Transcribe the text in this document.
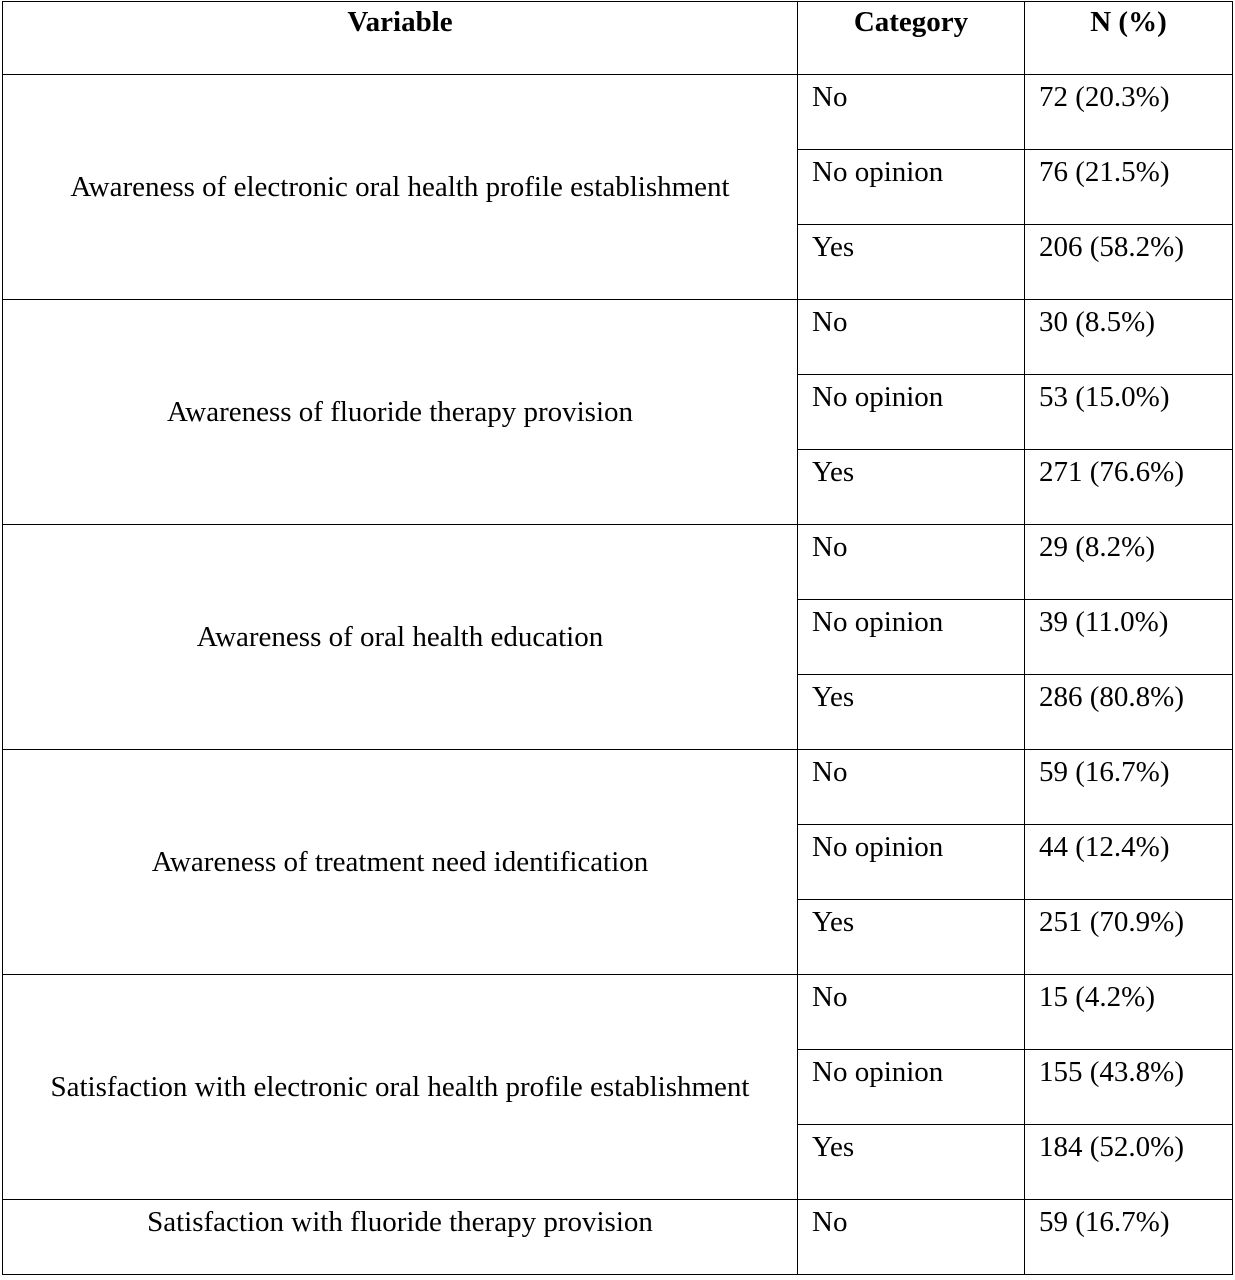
Variable	Category	N (%)
Awareness of electronic oral health profile establishment	No	72 (20.3%)
	No opinion	76 (21.5%)
	Yes	206 (58.2%)
Awareness of fluoride therapy provision	No	30 (8.5%)
	No opinion	53 (15.0%)
	Yes	271 (76.6%)
Awareness of oral health education	No	29 (8.2%)
	No opinion	39 (11.0%)
	Yes	286 (80.8%)
Awareness of treatment need identification	No	59 (16.7%)
	No opinion	44 (12.4%)
	Yes	251 (70.9%)
Satisfaction with electronic oral health profile establishment	No	15 (4.2%)
	No opinion	155 (43.8%)
	Yes	184 (52.0%)
Satisfaction with fluoride therapy provision	No	59 (16.7%)
